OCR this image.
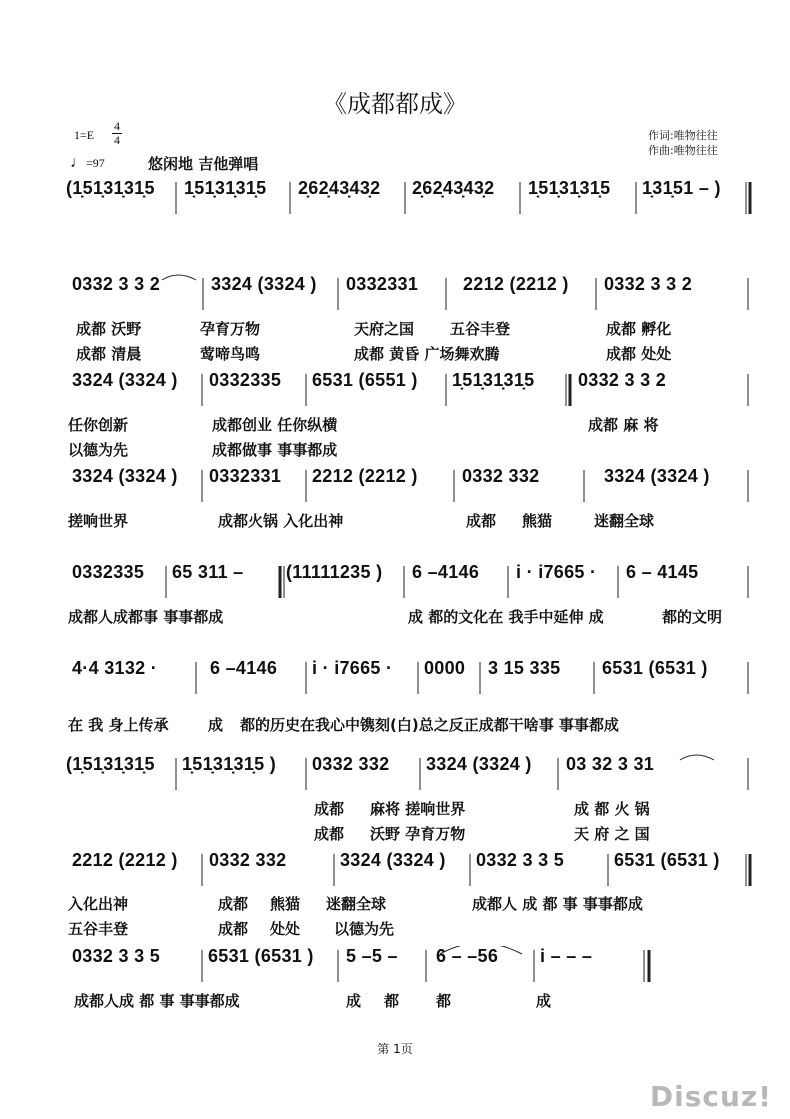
《成都都成》
1=E
4
4
♩=97	悠闲地 吉他弹唱
作词:唯物往往
作曲:唯物往往
(1̣51̣31̣31̣5 1̣51̣31̣31̣5 2̣62̣43̣43̣2 2̣62̣43̣43̣2 1̣51̣31̣31̣5 1̣31̣51 – )
0332 3 3 2	3324 (3324 ) 0332331 2212 (2212 ) 0332 3 3 2
3324 (3324 ) 0332335 6531 (6551 ) 1̣51̣31̣31̣5 0332 3 3 2
3324 (3324 ) 0332331 2212 (2212 ) 0332 332	3324 (3324 )
0332335 65 311 – (11111235 ) 6 –4146 i · i7665 · 6 – 4145
4·4 3132 ·	6 –4146 i · i7665 · 0000 3 15 335 6531 (6531 )
(1̣51̣31̣31̣5 1̣51̣31̣31̣5 ) 0332 332 3324 (3324 ) 03 32 3 31
2212 (2212 ) 0332 332	3324 (3324 ) 0332 3 3 5	6531 (6531 )
0332 3 3 5	6531 (6531 ) 5 –5 – 6 – –56 i – – –
成都 沃野	孕育万物	天府之国 五谷丰登	成都 孵化
成都 清晨	莺啼鸟鸣	成都 黄昏 广场舞欢腾	成都 处处
任你创新	成都创业 任你纵横	成都 麻 将
以德为先	成都做事 事事都成
搓响世界	成都火锅 入化出神	成都 熊猫	迷翻全球
成都人成都事 事事都成	成 都的文化在 我手中延伸 成	都的文明
在 我 身上传承	成 都的历史在我心中镌刻(白)总之反正成都干啥事 事事都成
成都 麻将 搓响世界	成 都 火 锅
成都 沃野 孕育万物	天 府 之 国
入化出神	成都 熊猫 迷翻全球	成都人 成 都 事 事事都成
五谷丰登	成都 处处 以德为先
成都人成 都 事 事事都成	成 都 都	成
第 1页
Discuz!
